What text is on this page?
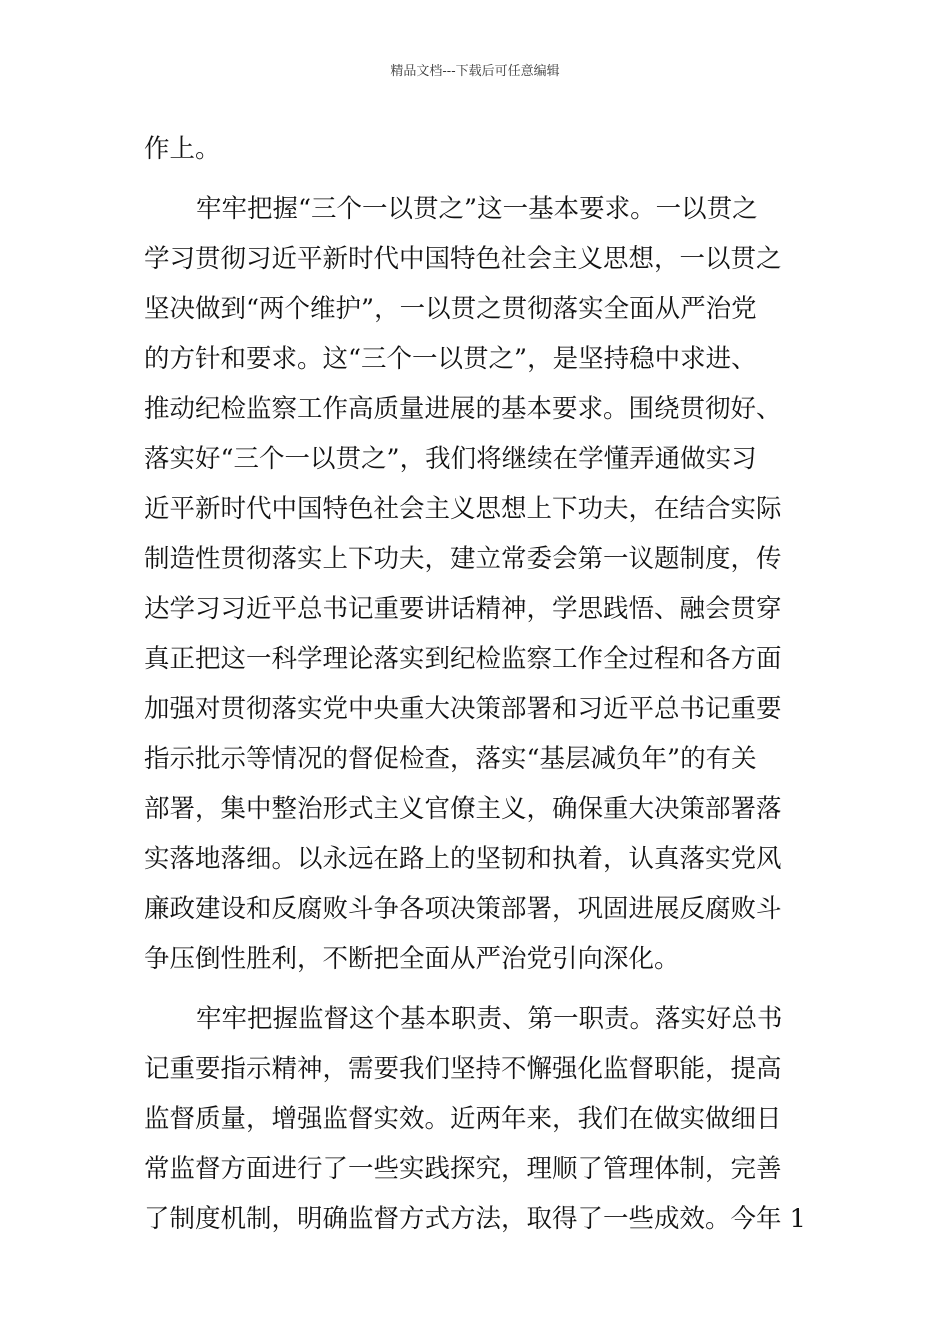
精品文档---下载后可任意编辑
作上。
牢牢把握“三个一以贯之”这一基本要求。一以贯之
学习贯彻习近平新时代中国特色社会主义思想，一以贯之
坚决做到“两个维护”，一以贯之贯彻落实全面从严治党
的方针和要求。这“三个一以贯之”，是坚持稳中求进、
推动纪检监察工作高质量进展的基本要求。围绕贯彻好、
落实好“三个一以贯之”，我们将继续在学懂弄通做实习
近平新时代中国特色社会主义思想上下功夫，在结合实际
制造性贯彻落实上下功夫，建立常委会第一议题制度，传
达学习习近平总书记重要讲话精神，学思践悟、融会贯穿
真正把这一科学理论落实到纪检监察工作全过程和各方面
加强对贯彻落实党中央重大决策部署和习近平总书记重要
指示批示等情况的督促检查，落实“基层减负年”的有关
部署，集中整治形式主义官僚主义，确保重大决策部署落
实落地落细。以永远在路上的坚韧和执着，认真落实党风
廉政建设和反腐败斗争各项决策部署，巩固进展反腐败斗
争压倒性胜利，不断把全面从严治党引向深化。
牢牢把握监督这个基本职责、第一职责。落实好总书
记重要指示精神，需要我们坚持不懈强化监督职能，提高
监督质量，增强监督实效。近两年来，我们在做实做细日
常监督方面进行了一些实践探究，理顺了管理体制，完善
了制度机制，明确监督方式方法，取得了一些成效。今年 1
